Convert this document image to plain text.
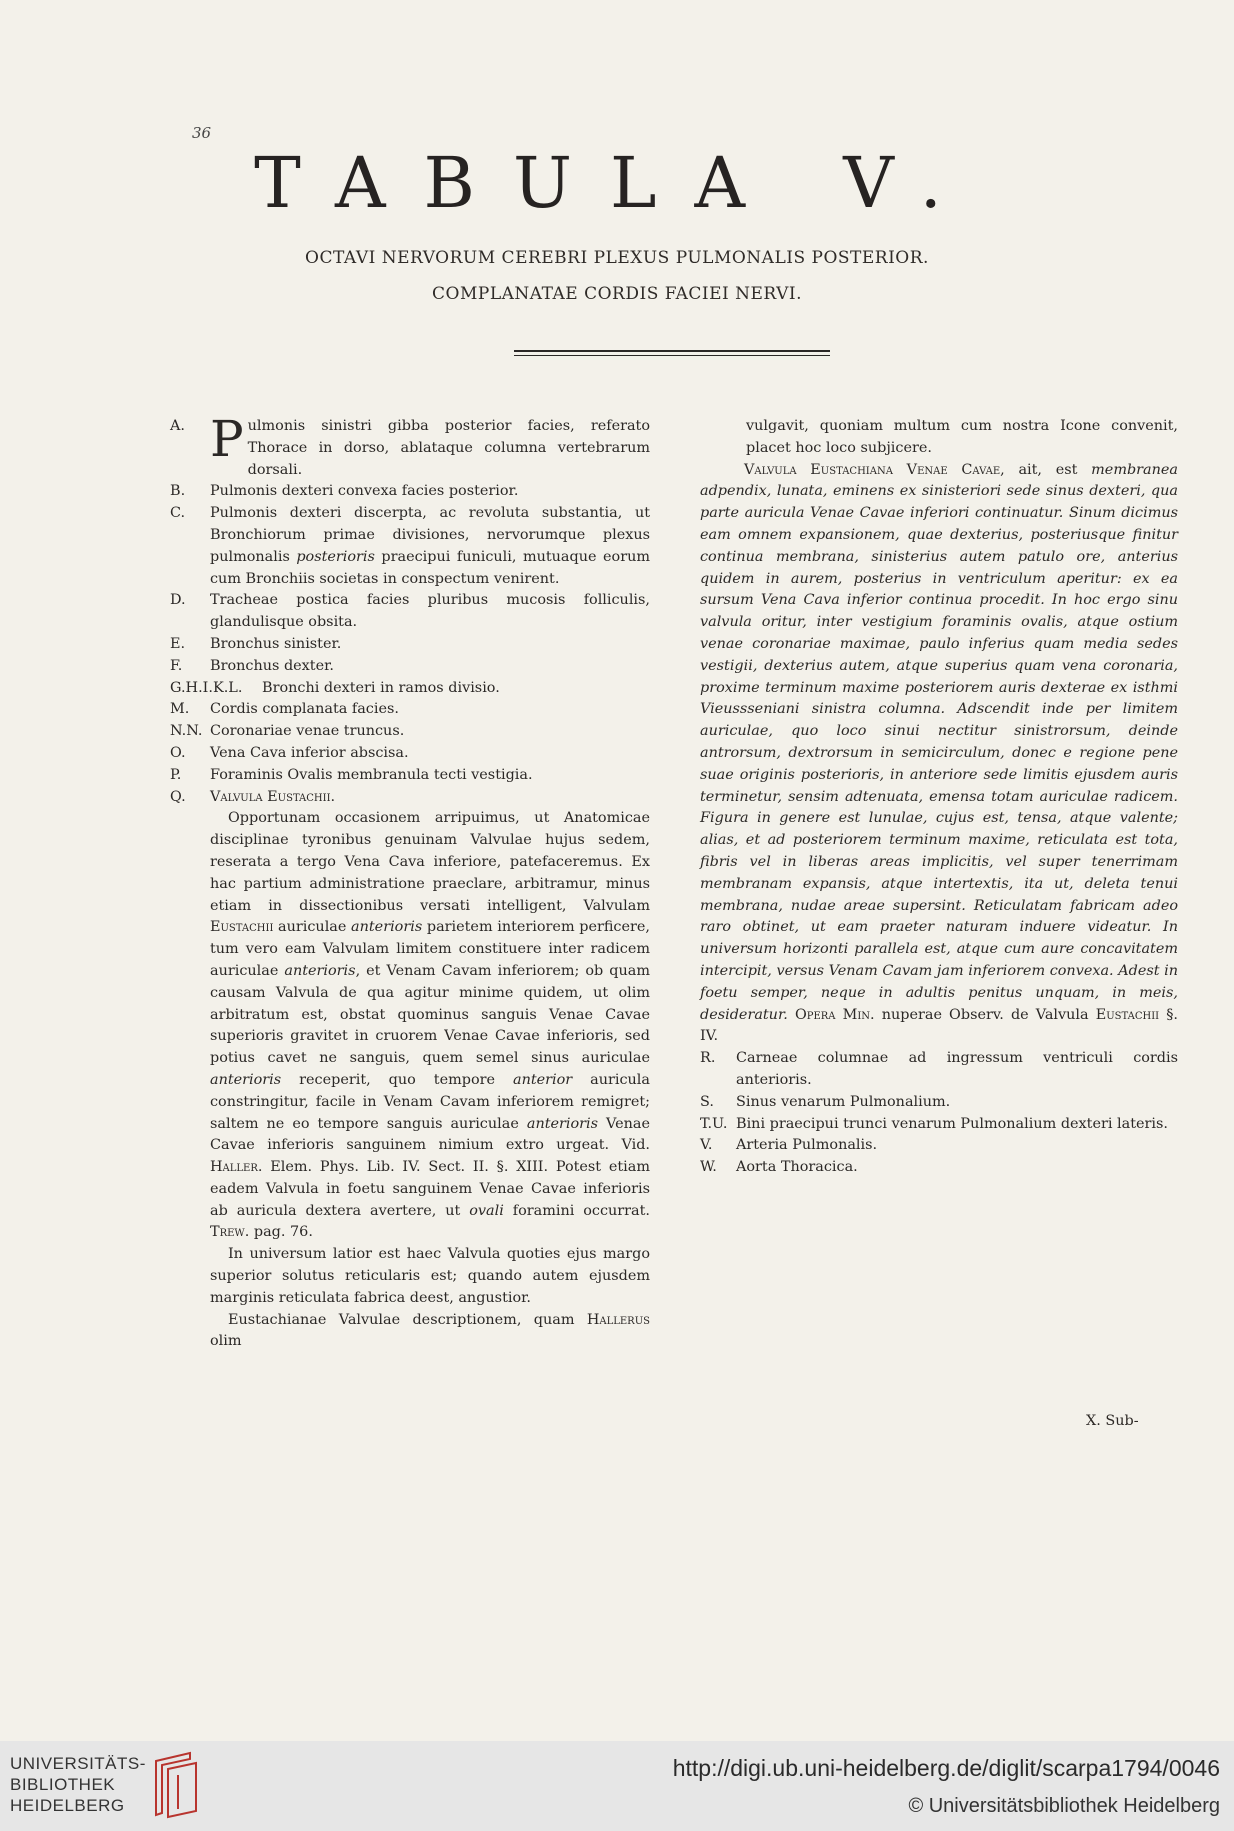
36
TABULA V.
OCTAVI NERVORUM CEREBRI PLEXUS PULMONALIS POSTERIOR.
COMPLANATAE CORDIS FACIEI NERVI.
A. Pulmonis sinistri gibba posterior facies, referato Thorace in dorso, ablataque columna vertebrarum dorsali.
B. Pulmonis dexteri convexa facies posterior.
C. Pulmonis dexteri discerpta, ac revoluta substantia, ut Bronchiorum primae divisiones, nervorumque plexus pulmonalis posterioris praecipui funiculi, mutuaque eorum cum Bronchiis societas in conspectum venirent.
D. Tracheae postica facies pluribus mucosis folliculis, glandulisque obsita.
E. Bronchus sinister.
F. Bronchus dexter.
G.H.I.K.L. Bronchi dexteri in ramos divisio.
M. Cordis complanata facies.
N.N. Coronariae venae truncus.
O. Vena Cava inferior abscisa.
P. Foraminis Ovalis membranula tecti vestigia.
Q. Valvula Eustachii.

Opportunam occasionem arripuimus, ut Anatomicae disciplinae tyronibus genuinam Valvulae hujus sedem, reserata a tergo Vena Cava inferiore, patefaceremus. Ex hac partium administratione praeclare, arbitramur, minus etiam in dissectionibus versati intelligent, Valvulam Eustachii auriculae anterioris parietem interiorem perficere, tum vero eam Valvulam limitem constituere inter radicem auriculae anterioris, et Venam Cavam inferiorem; ob quam causam Valvula de qua agitur minime quidem, ut olim arbitratum est, obstat quominus sanguis Venae Cavae superioris gravitet in cruorem Venae Cavae inferioris, sed potius cavet ne sanguis, quem semel sinus auriculae anterioris receperit, quo tempore anterior auricula constringitur, facile in Venam Cavam inferiorem remigret; saltem ne eo tempore sanguis auriculae anterioris Venae Cavae inferioris sanguinem nimium extro urgeat. Vid. Haller. Elem. Phys. Lib. IV. Sect. II. §. XIII. Potest etiam eadem Valvula in foetu sanguinem Venae Cavae inferioris ab auricula dextera avertere, ut ovali foramini occurrat. Trew. pag. 76.

In universum latior est haec Valvula quoties ejus margo superior solutus reticularis est; quando autem ejusdem marginis reticulata fabrica deest, angustior.

Eustachianae Valvulae descriptionem, quam Hallerus olim

vulgavit, quoniam multum cum nostra Icone convenit, placet hoc loco subjicere.

Valvula Eustachiana Venae Cavae, ait, est membranea adpendix, lunata, eminens ex sinisteriori sede sinus dexteri, qua parte auricula Venae Cavae inferiori continuatur. Sinum dicimus eam omnem expansionem, quae dexterius, posteriusque finitur continua membrana, sinisterius autem patulo ore, anterius quidem in aurem, posterius in ventriculum aperitur: ex ea sursum Vena Cava inferior continua procedit. In hoc ergo sinu valvula oritur, inter vestigium foraminis ovalis, atque ostium venae coronariae maximae, paulo inferius quam media sedes vestigii, dexterius autem, atque superius quam vena coronaria, proxime terminum maxime posteriorem auris dexterae ex isthmi Vieussseniani sinistra columna. Adscendit inde per limitem auriculae, quo loco sinui nectitur sinistrorsum, deinde antrorsum, dextrorsum in semicirculum, donec e regione pene suae originis posterioris, in anteriore sede limitis ejusdem auris terminetur, sensim adtenuata, emensa totam auriculae radicem. Figura in genere est lunulae, cujus est, tensa, atque valente; alias, et ad posteriorem terminum maxime, reticulata est tota, fibris vel in liberas areas implicitis, vel super tenerrimam membranam expansis, atque intertextis, ita ut, deleta tenui membrana, nudae areae supersint. Reticulatam fabricam adeo raro obtinet, ut eam praeter naturam induere videatur. In universum horizonti parallela est, atque cum aure concavitatem intercipit, versus Venam Cavam jam inferiorem convexa. Adest in foetu semper, neque in adultis penitus unquam, in meis, desideratur. Opera Min. nuperae Observ. de Valvula Eustachii §. IV.

R. Carneae columnae ad ingressum ventriculi cordis anterioris.
S. Sinus venarum Pulmonalium.
T.U. Bini praecipui trunci venarum Pulmonalium dexteri lateris.
V. Arteria Pulmonalis.
W. Aorta Thoracica.
X. Sub-
UNIVERSITÄTS-
BIBLIOTHEK
HEIDELBERG
http://digi.ub.uni-heidelberg.de/diglit/scarpa1794/0046
© Universitätsbibliothek Heidelberg
